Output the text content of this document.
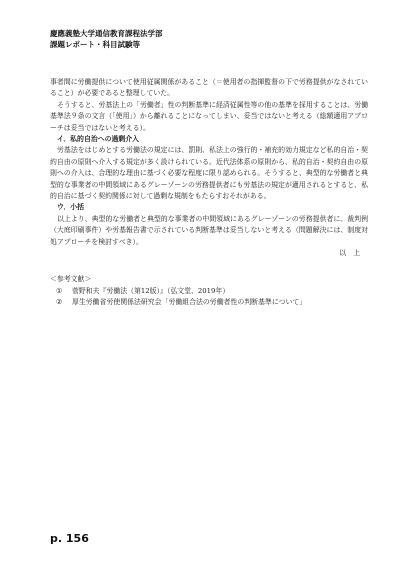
慶應義塾大学通信教育課程法学部
課題レポート・科目試験等

事者間に労働提供について使用従属関係があること（＝使用者の指揮監督の下で労務提供がなされていること）が必要であると整理していた。

そうすると、労基法上の「労働者」性の判断基準に経済従属性等の他の基準を採用することは、労働基準法９条の文言（「使用」）から離れることになってしまい、妥当ではないと考える（総額適用アプローチは妥当ではないと考える）。

イ．私的自治への過剰介入

労基法をはじめとする労働法の規定には、罰則、私法上の強行的・補充的効力規定など私的自治・契約自由の原則へ介入する規定が多く設けられている。近代法体系の原則から、私的自治・契約自由の原則への介入は、合理的な理由に基づく必要な程度に限り認められる。そうすると、典型的な労働者と典型的な事業者の中間領域にあるグレーゾーンの労務提供者にも労基法の規定が適用されるとすると、私的自治に基づく契約関係に対して過剰な規制をもたらすおそれがある。

ウ．小括

以上より、典型的な労働者と典型的な事業者の中間領域にあるグレーゾーンの労務提供者に、裁判例（大庭印刷事件）や労基報告書で示されている判断基準は妥当しないと考える（問題解決には、制度対処アプローチを検討すべき）。

以　上

＜参考文献＞

①	菅野和夫『労働法（第12版）』（弘文堂、2019年）
②	厚生労働省労使関係法研究会「労働組合法の労働者性の判断基準について」
p. 156
